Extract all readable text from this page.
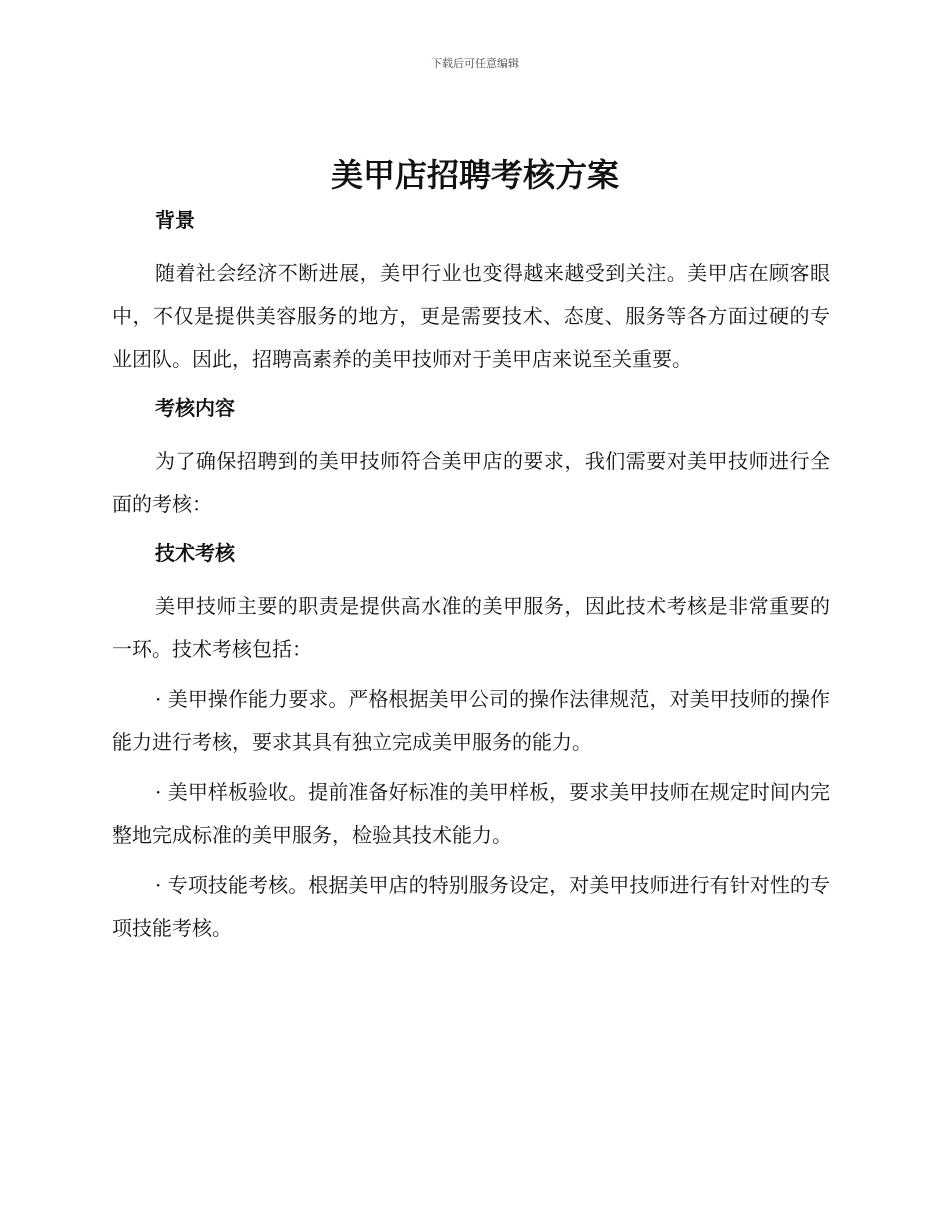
下载后可任意编辑
美甲店招聘考核方案
背景

随着社会经济不断进展，美甲行业也变得越来越受到关注。美甲店在顾客眼中，不仅是提供美容服务的地方，更是需要技术、态度、服务等各方面过硬的专业团队。因此，招聘高素养的美甲技师对于美甲店来说至关重要。

考核内容

为了确保招聘到的美甲技师符合美甲店的要求，我们需要对美甲技师进行全面的考核：

技术考核

美甲技师主要的职责是提供高水准的美甲服务，因此技术考核是非常重要的一环。技术考核包括：

· 美甲操作能力要求。严格根据美甲公司的操作法律规范，对美甲技师的操作能力进行考核，要求其具有独立完成美甲服务的能力。

· 美甲样板验收。提前准备好标准的美甲样板，要求美甲技师在规定时间内完整地完成标准的美甲服务，检验其技术能力。

· 专项技能考核。根据美甲店的特别服务设定，对美甲技师进行有针对性的专项技能考核。
